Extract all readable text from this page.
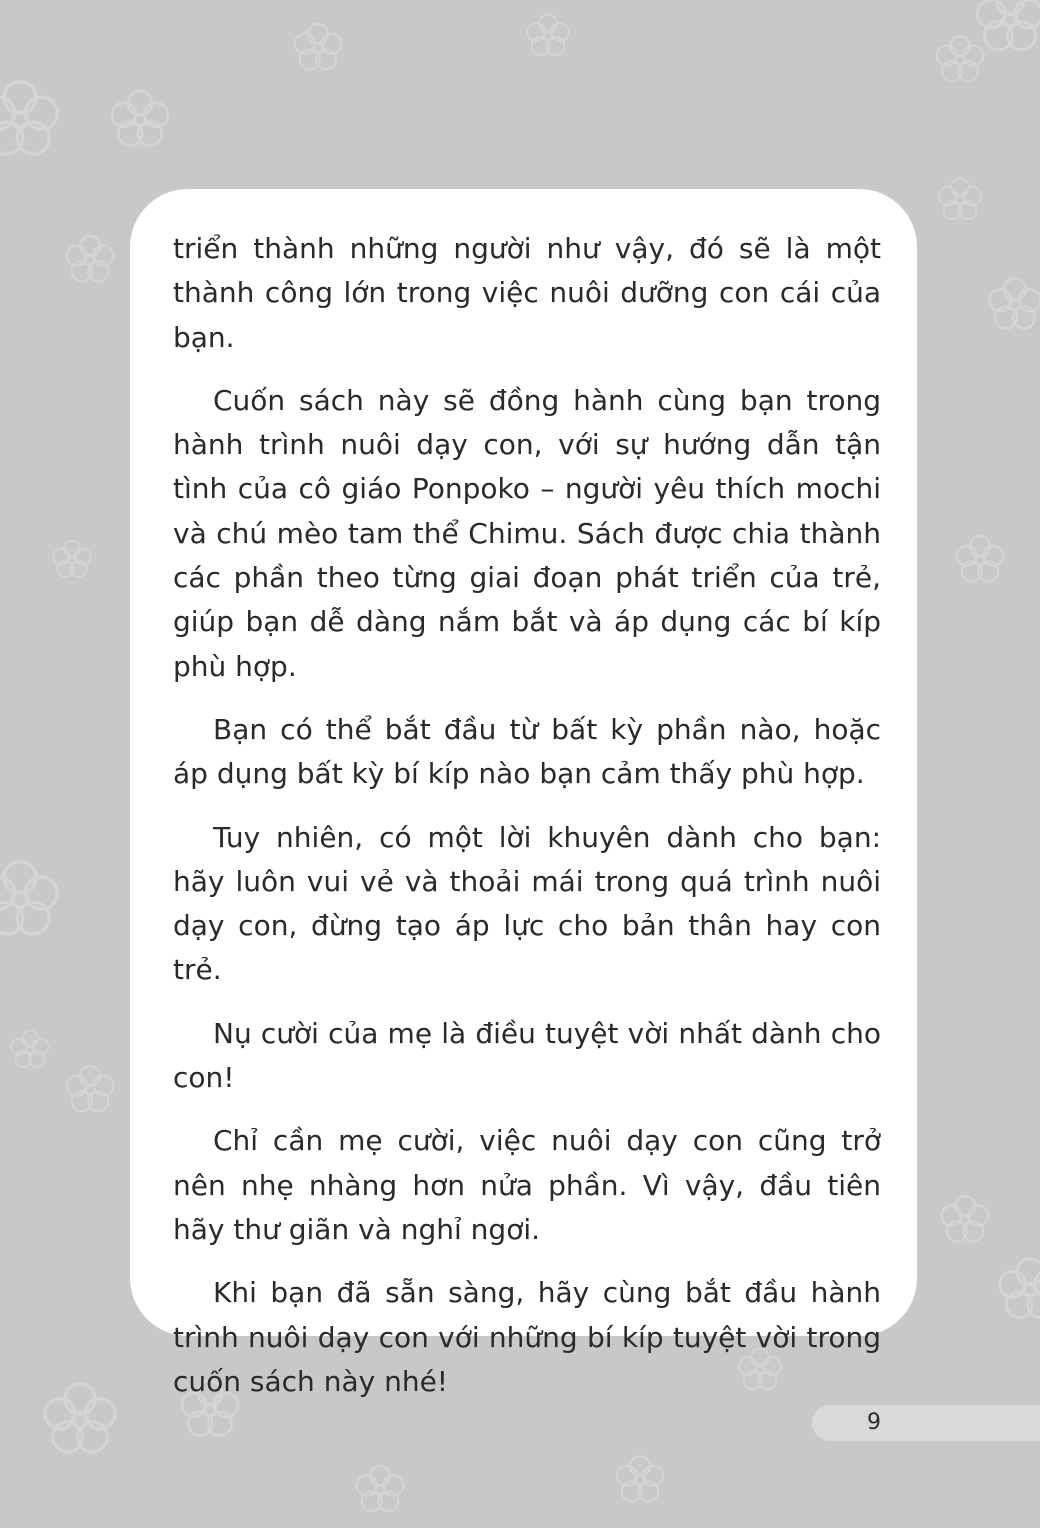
triển thành những người như vậy, đó sẽ là một thành công lớn trong việc nuôi dưỡng con cái của bạn.

Cuốn sách này sẽ đồng hành cùng bạn trong hành trình nuôi dạy con, với sự hướng dẫn tận tình của cô giáo Ponpoko – người yêu thích mochi và chú mèo tam thể Chimu. Sách được chia thành các phần theo từng giai đoạn phát triển của trẻ, giúp bạn dễ dàng nắm bắt và áp dụng các bí kíp phù hợp.

Bạn có thể bắt đầu từ bất kỳ phần nào, hoặc áp dụng bất kỳ bí kíp nào bạn cảm thấy phù hợp.

Tuy nhiên, có một lời khuyên dành cho bạn: hãy luôn vui vẻ và thoải mái trong quá trình nuôi dạy con, đừng tạo áp lực cho bản thân hay con trẻ.

Nụ cười của mẹ là điều tuyệt vời nhất dành cho con!

Chỉ cần mẹ cười, việc nuôi dạy con cũng trở nên nhẹ nhàng hơn nửa phần. Vì vậy, đầu tiên hãy thư giãn và nghỉ ngơi.

Khi bạn đã sẵn sàng, hãy cùng bắt đầu hành trình nuôi dạy con với những bí kíp tuyệt vời trong cuốn sách này nhé!

9
